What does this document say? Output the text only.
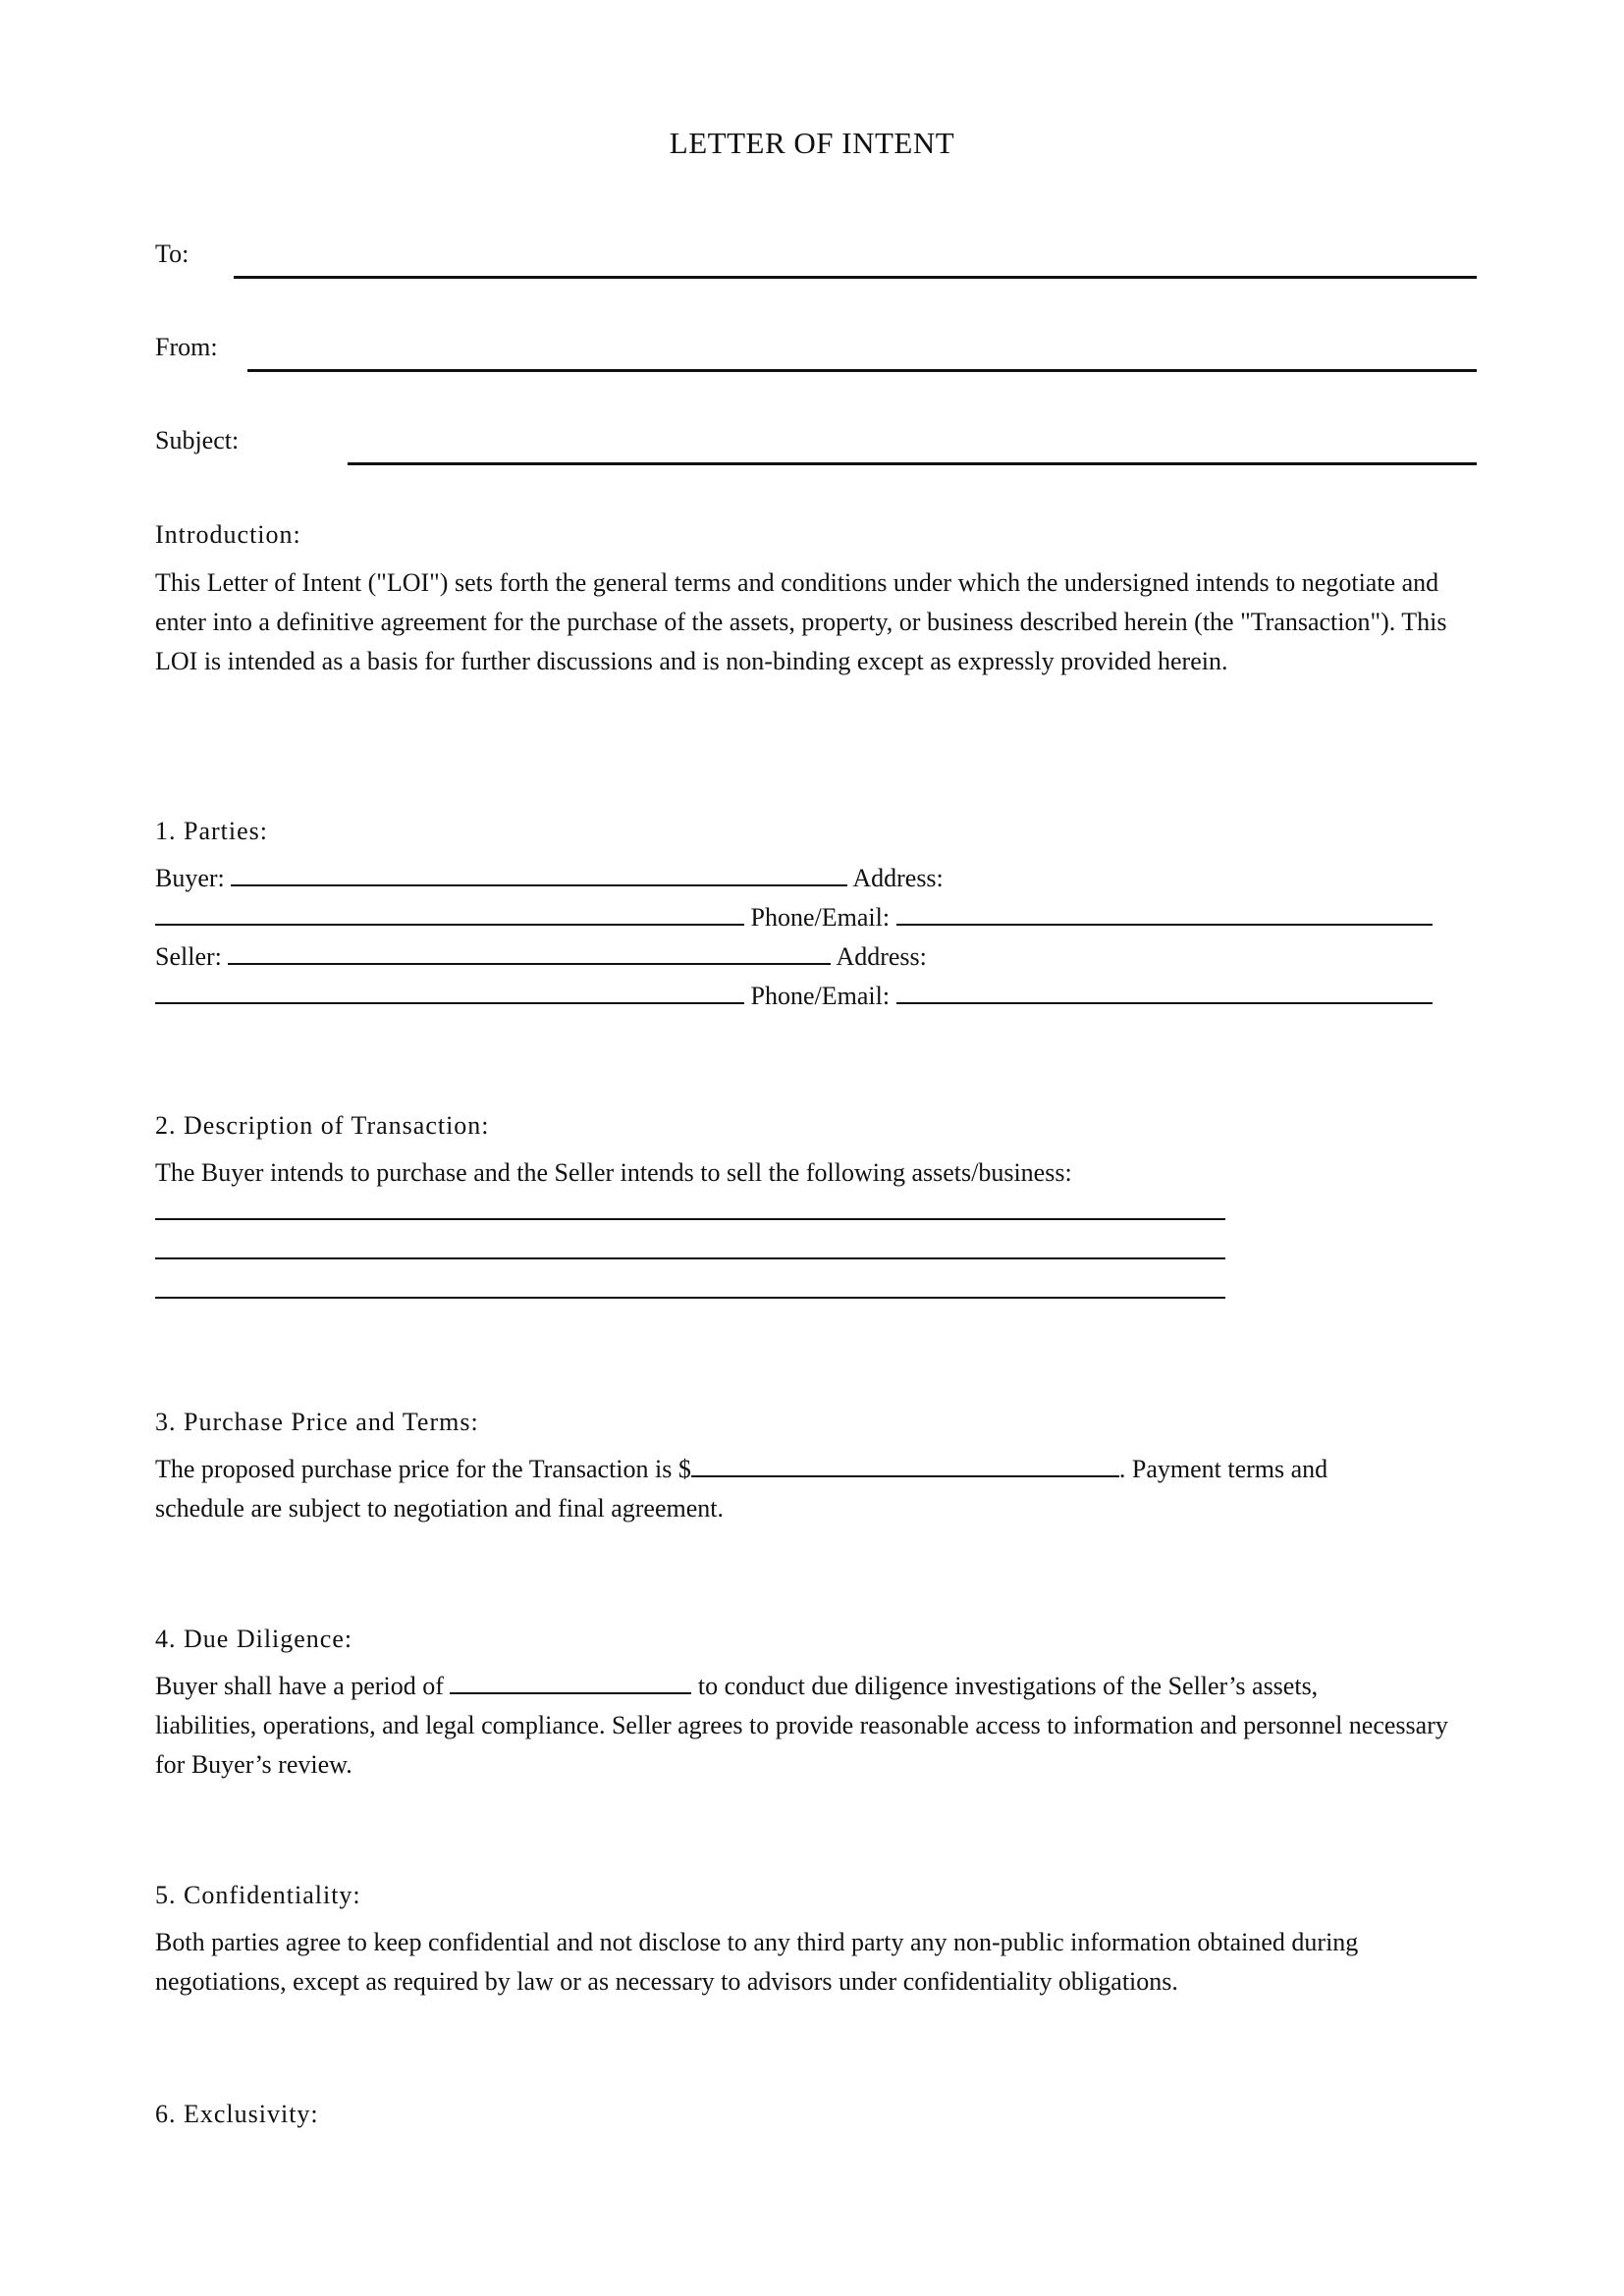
LETTER OF INTENT
To:
From:
Subject:
Introduction:
This Letter of Intent ("LOI") sets forth the general terms and conditions under which the undersigned intends to negotiate and enter into a definitive agreement for the purchase of the assets, property, or business described herein (the "Transaction"). This LOI is intended as a basis for further discussions and is non-binding except as expressly provided herein.
1. Parties:
Buyer:	Address:
Phone/Email:
Seller:	Address:
Phone/Email:
2. Description of Transaction:
The Buyer intends to purchase and the Seller intends to sell the following assets/business:
3. Purchase Price and Terms:
The proposed purchase price for the Transaction is $	. Payment terms and
schedule are subject to negotiation and final agreement.
4. Due Diligence:
Buyer shall have a period of	to conduct due diligence investigations of the Seller’s assets,
liabilities, operations, and legal compliance. Seller agrees to provide reasonable access to information and personnel necessary for Buyer’s review.
5. Confidentiality:
Both parties agree to keep confidential and not disclose to any third party any non-public information obtained during negotiations, except as required by law or as necessary to advisors under confidentiality obligations.
6. Exclusivity:
